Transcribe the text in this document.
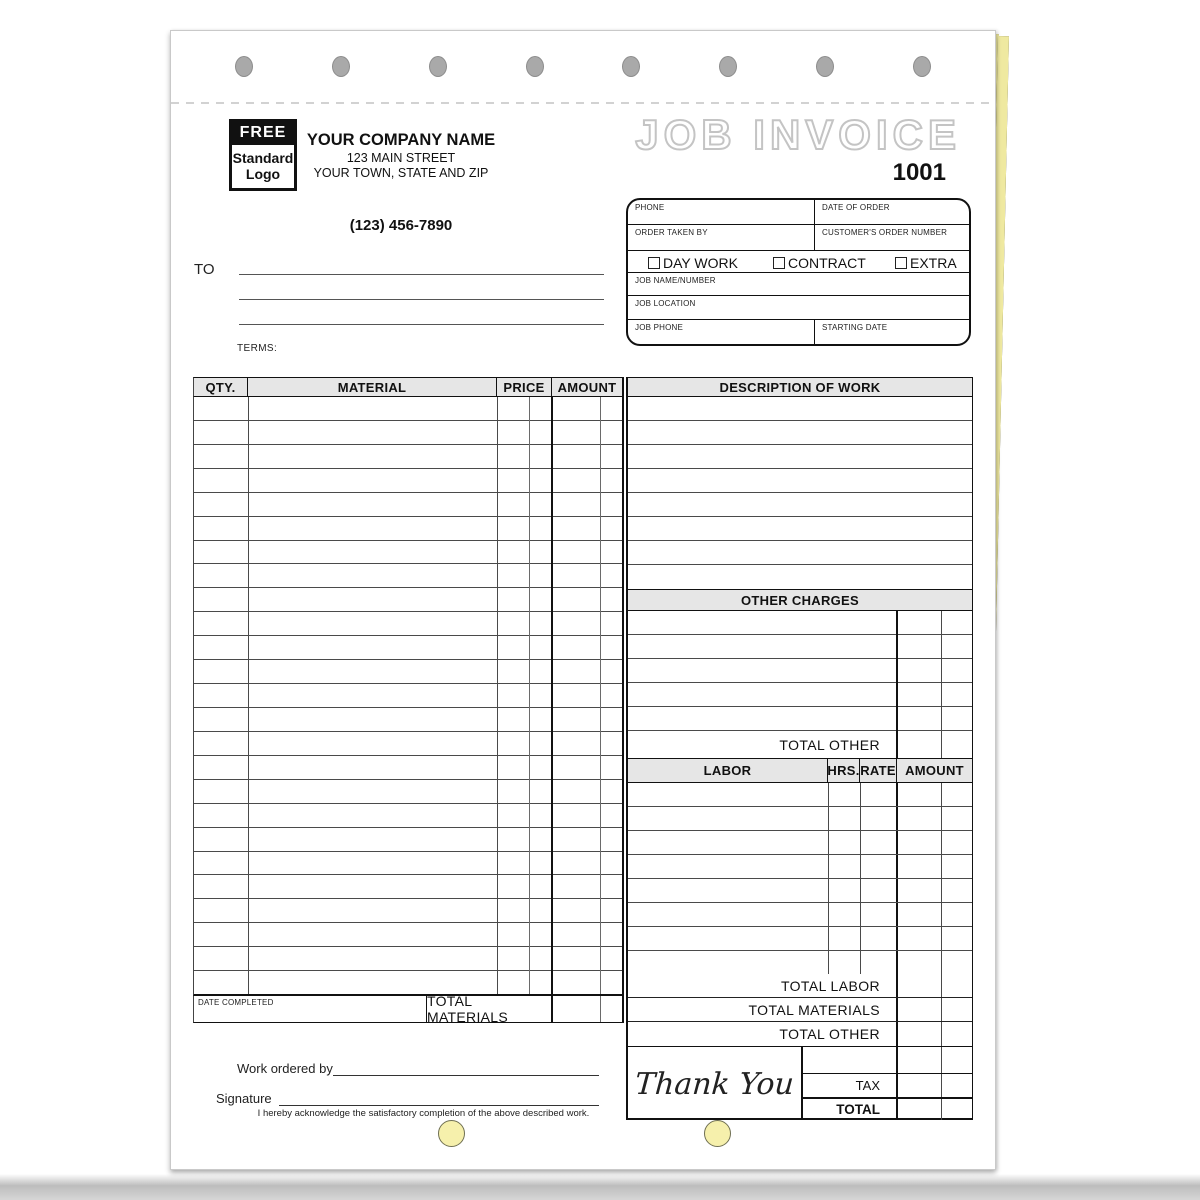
FREE
Standard
Logo
YOUR COMPANY NAME
123 MAIN STREET
YOUR TOWN, STATE AND ZIP
(123) 456-7890
JOB INVOICE
1001
TO
TERMS:
PHONE	DATE OF ORDER
ORDER TAKEN BY	CUSTOMER'S ORDER NUMBER
DAY WORK	CONTRACT	EXTRA
JOB NAME/NUMBER
JOB LOCATION
JOB PHONE	STARTING DATE
QTY.	MATERIAL	PRICE AMOUNT
DATE COMPLETED	TOTAL MATERIALS
DESCRIPTION OF WORK
OTHER CHARGES
TOTAL OTHER
LABOR	HRS. RATE AMOUNT
TOTAL LABOR
TOTAL MATERIALS
TOTAL OTHER
Thank You	TAX
TOTAL
Work ordered by
Signature
I hereby acknowledge the satisfactory completion of the above described work.
